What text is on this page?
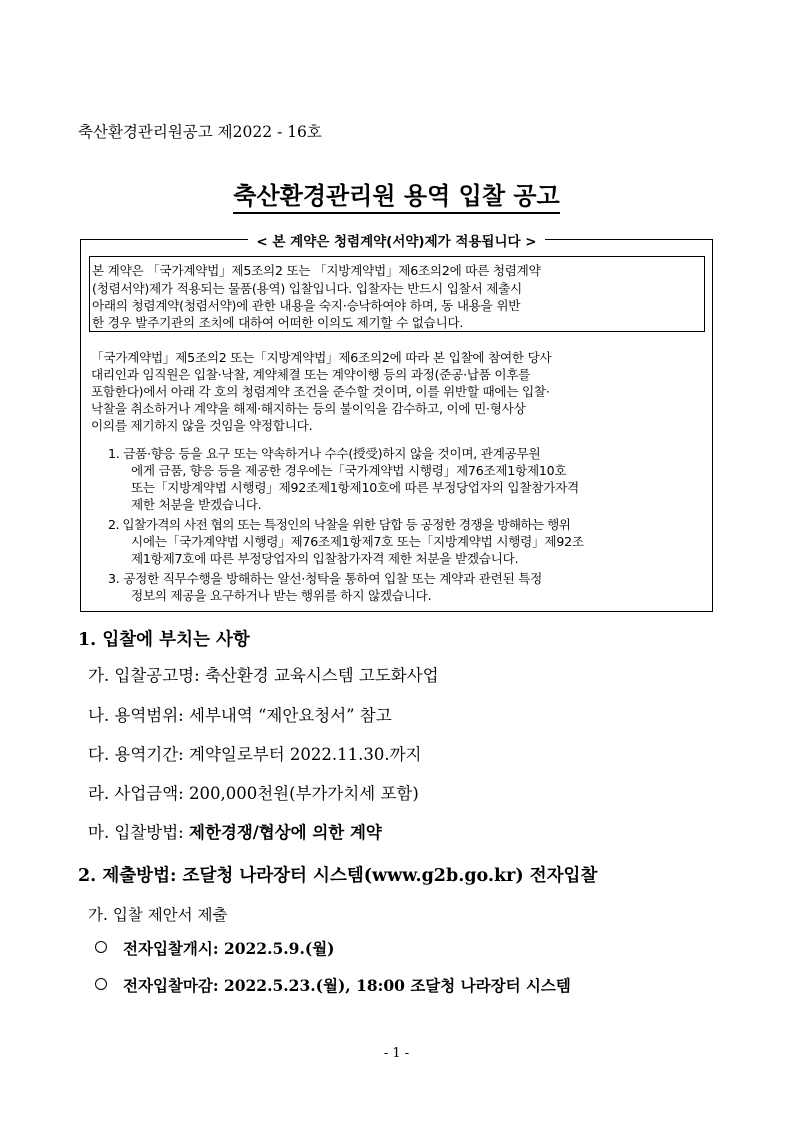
축산환경관리원공고 제2022 - 16호
축산환경관리원 용역 입찰 공고
< 본 계약은 청렴계약(서약)제가 적용됩니다 >
본 계약은 「국가계약법」제5조의2 또는 「지방계약법」제6조의2에 따른 청렴계약
(청렴서약)제가 적용되는 물품(용역) 입찰입니다. 입찰자는 반드시 입찰서 제출시
아래의 청렴계약(청렴서약)에 관한 내용을 숙지·승낙하여야 하며, 동 내용을 위반
한 경우 발주기관의 조치에 대하여 어떠한 이의도 제기할 수 없습니다.
「국가계약법」제5조의2 또는「지방계약법」제6조의2에 따라 본 입찰에 참여한 당사
대리인과 임직원은 입찰·낙찰, 계약체결 또는 계약이행 등의 과정(준공·납품 이후를
포함한다)에서 아래 각 호의 청렴계약 조건을 준수할 것이며, 이를 위반할 때에는 입찰·
낙찰을 취소하거나 계약을 해제·해지하는 등의 불이익을 감수하고, 이에 민·형사상
이의를 제기하지 않을 것임을 약정합니다.
1. 금품·향응 등을 요구 또는 약속하거나 수수(授受)하지 않을 것이며, 관계공무원
에게 금품, 향응 등을 제공한 경우에는「국가계약법 시행령」제76조제1항제10호
또는「지방계약법 시행령」제92조제1항제10호에 따른 부정당업자의 입찰참가자격
제한 처분을 받겠습니다.
2. 입찰가격의 사전 협의 또는 특정인의 낙찰을 위한 담합 등 공정한 경쟁을 방해하는 행위
시에는「국가계약법 시행령」제76조제1항제7호 또는「지방계약법 시행령」제92조
제1항제7호에 따른 부정당업자의 입찰참가자격 제한 처분을 받겠습니다.
3. 공정한 직무수행을 방해하는 알선·청탁을 통하여 입찰 또는 계약과 관련된 특정
정보의 제공을 요구하거나 받는 행위를 하지 않겠습니다.
1. 입찰에 부치는 사항
가. 입찰공고명: 축산환경 교육시스템 고도화사업
나. 용역범위: 세부내역 “제안요청서” 참고
다. 용역기간: 계약일로부터 2022.11.30.까지
라. 사업금액: 200,000천원(부가가치세 포함)
마. 입찰방법: 제한경쟁/협상에 의한 계약
2. 제출방법: 조달청 나라장터 시스템(www.g2b.go.kr) 전자입찰
가. 입찰 제안서 제출
전자입찰개시: 2022.5.9.(월)
전자입찰마감: 2022.5.23.(월), 18:00 조달청 나라장터 시스템
- 1 -
